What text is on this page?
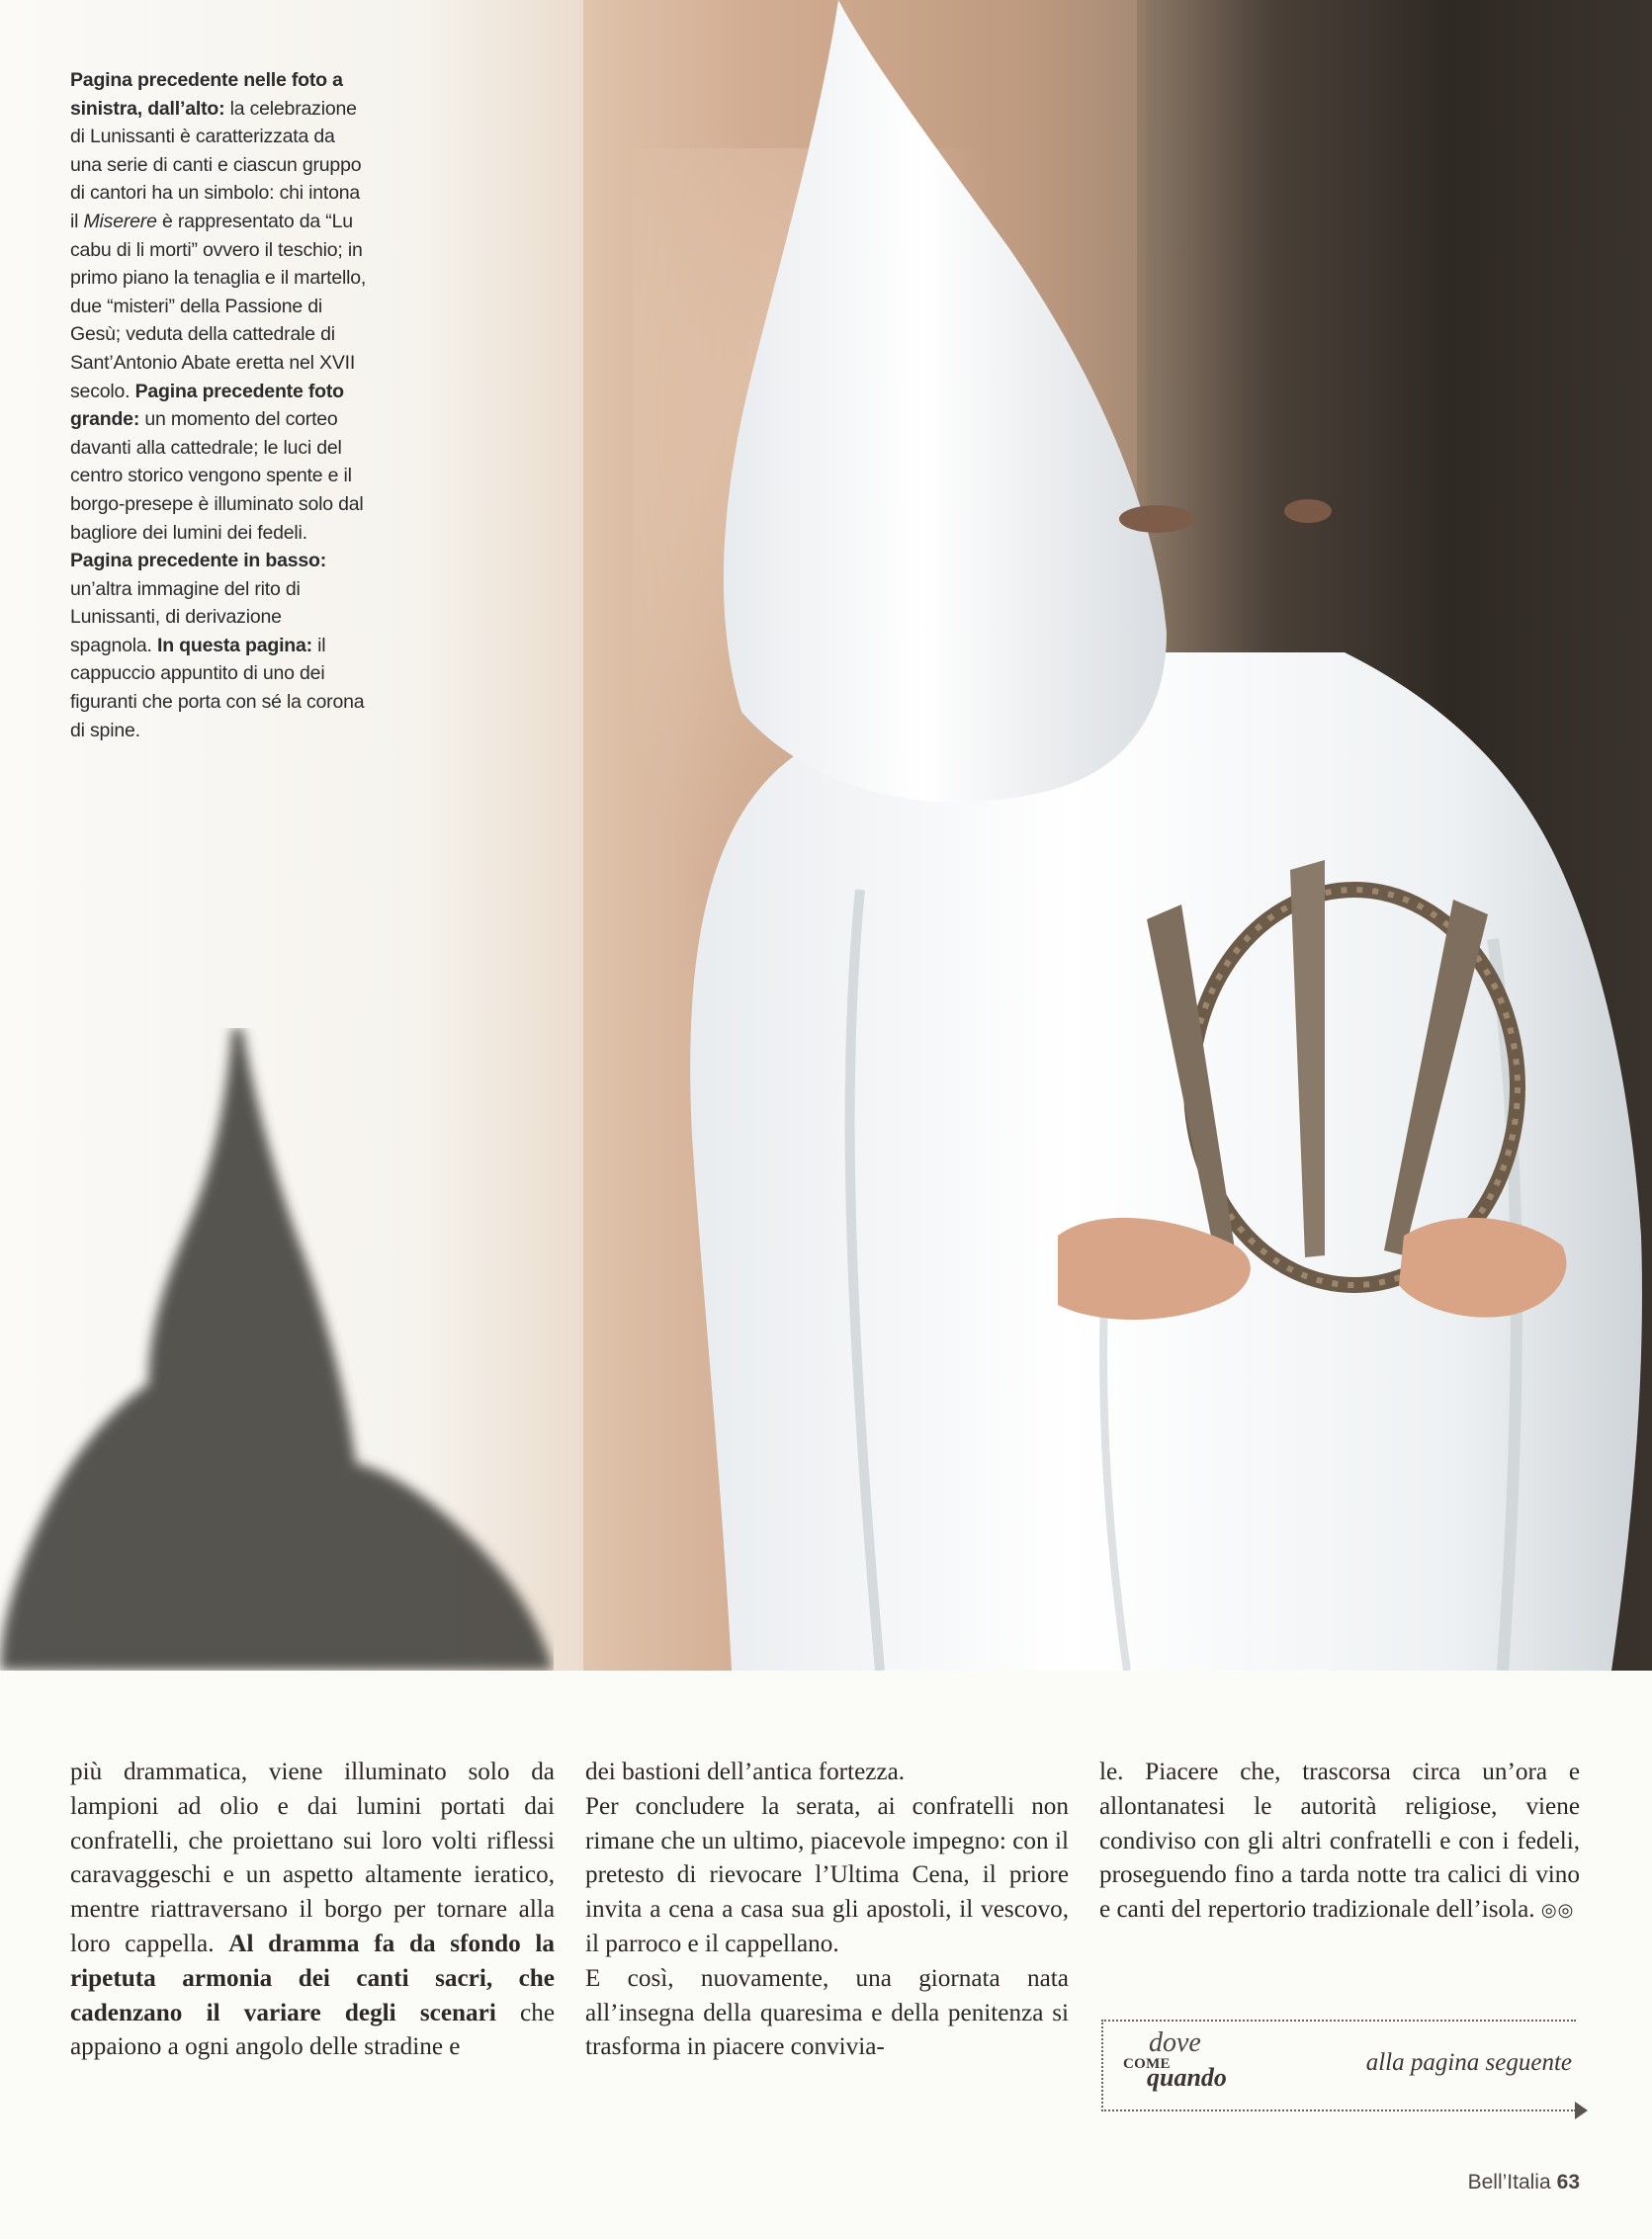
Pagina precedente nelle foto a sinistra, dall’alto: la celebrazione di Lunissanti è caratterizzata da una serie di canti e ciascun gruppo di cantori ha un simbolo: chi intona il Miserere è rappresentato da “Lu cabu di li morti” ovvero il teschio; in primo piano la tenaglia e il martello, due “misteri” della Passione di Gesù; veduta della cattedrale di Sant’Antonio Abate eretta nel XVII secolo. Pagina precedente foto grande: un momento del corteo davanti alla cattedrale; le luci del centro storico vengono spente e il borgo-presepe è illuminato solo dal bagliore dei lumini dei fedeli. Pagina precedente in basso: un’altra immagine del rito di Lunissanti, di derivazione spagnola. In questa pagina: il cappuccio appuntito di uno dei figuranti che porta con sé la corona di spine.

più drammatica, viene illuminato solo da lampioni ad olio e dai lumini portati dai confratelli, che proiettano sui loro volti riflessi caravaggeschi e un aspetto altamente ieratico, mentre riattraversano il borgo per tornare alla loro cappella. Al dramma fa da sfondo la ripetuta armonia dei canti sacri, che cadenzano il variare degli scenari che appaiono a ogni angolo delle stradine e

dei bastioni dell’antica fortezza.

Per concludere la serata, ai confratelli non rimane che un ultimo, piacevole impegno: con il pretesto di rievocare l’Ultima Cena, il priore invita a cena a casa sua gli apostoli, il vescovo, il parroco e il cappellano.

E così, nuovamente, una giornata nata all’insegna della quaresima e della penitenza si trasforma in piacere convivia-

le. Piacere che, trascorsa circa un’ora e allontanatesi le autorità religiose, viene condiviso con gli altri confratelli e con i fedeli, proseguendo fino a tarda notte tra calici di vino e canti del repertorio tradizionale dell’isola. ◎◎

dove
COME
quando
alla pagina seguente
Bell’Italia 63
